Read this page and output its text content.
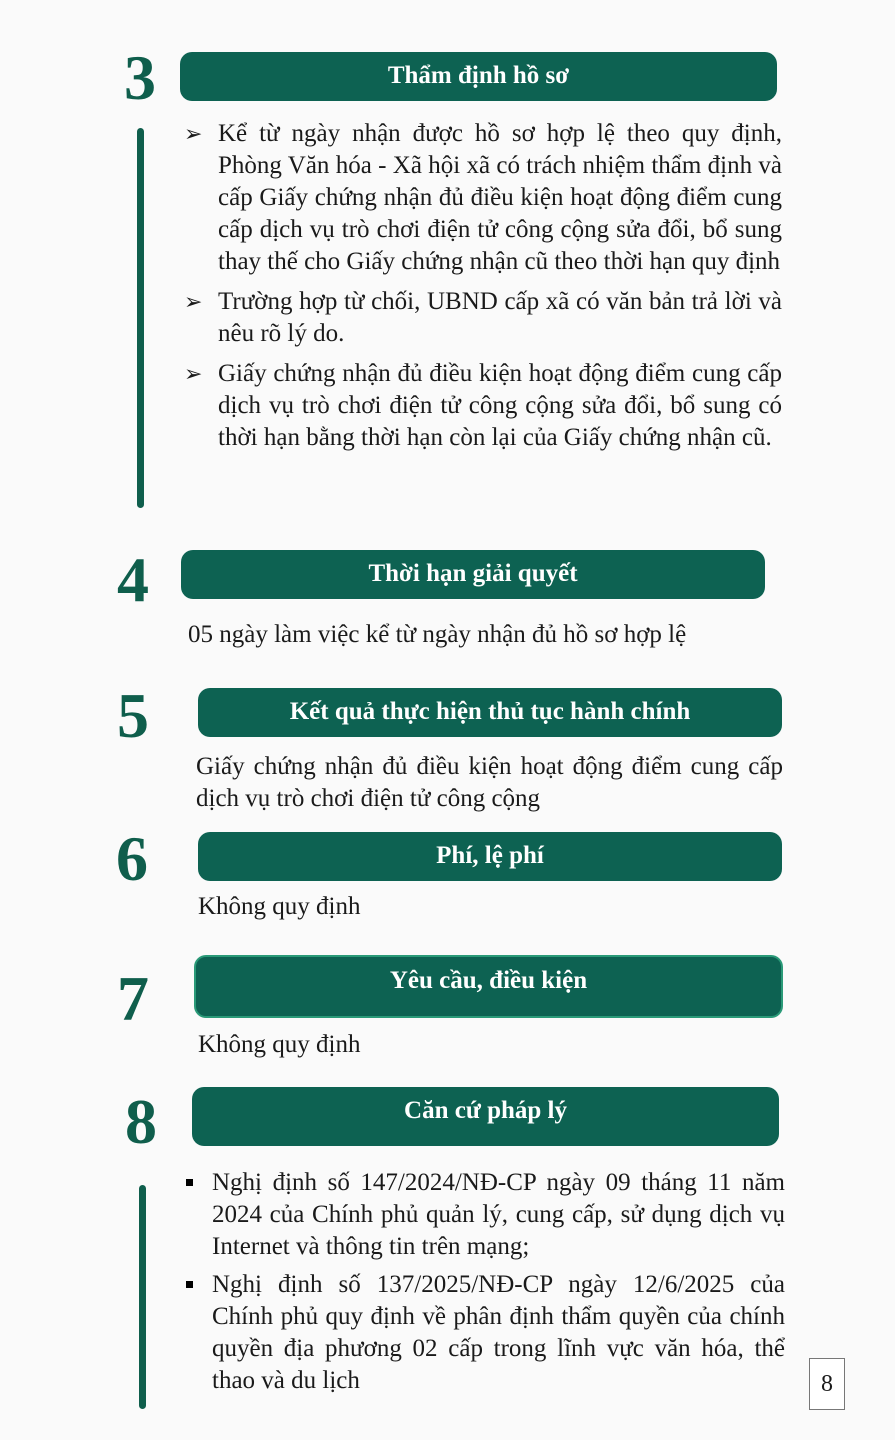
3	Thẩm định hồ sơ
➢ Kể từ ngày nhận được hồ sơ hợp lệ theo quy định, Phòng Văn hóa - Xã hội xã có trách nhiệm thẩm định và cấp Giấy chứng nhận đủ điều kiện hoạt động điểm cung cấp dịch vụ trò chơi điện tử công cộng sửa đổi, bổ sung thay thế cho Giấy chứng nhận cũ theo thời hạn quy định
➢ Trường hợp từ chối, UBND cấp xã có văn bản trả lời và nêu rõ lý do.
➢ Giấy chứng nhận đủ điều kiện hoạt động điểm cung cấp dịch vụ trò chơi điện tử công cộng sửa đổi, bổ sung có thời hạn bằng thời hạn còn lại của Giấy chứng nhận cũ.
4	Thời hạn giải quyết

05 ngày làm việc kể từ ngày nhận đủ hồ sơ hợp lệ

5	Kết quả thực hiện thủ tục hành chính

Giấy chứng nhận đủ điều kiện hoạt động điểm cung cấp dịch vụ trò chơi điện tử công cộng

6	Phí, lệ phí

Không quy định

7	Yêu cầu, điều kiện

Không quy định

8	Căn cứ pháp lý
Nghị định số 147/2024/NĐ-CP ngày 09 tháng 11 năm 2024 của Chính phủ quản lý, cung cấp, sử dụng dịch vụ Internet và thông tin trên mạng;
Nghị định số 137/2025/NĐ-CP ngày 12/6/2025 của Chính phủ quy định về phân định thẩm quyền của chính quyền địa phương 02 cấp trong lĩnh vực văn hóa, thể thao và du lịch	8
